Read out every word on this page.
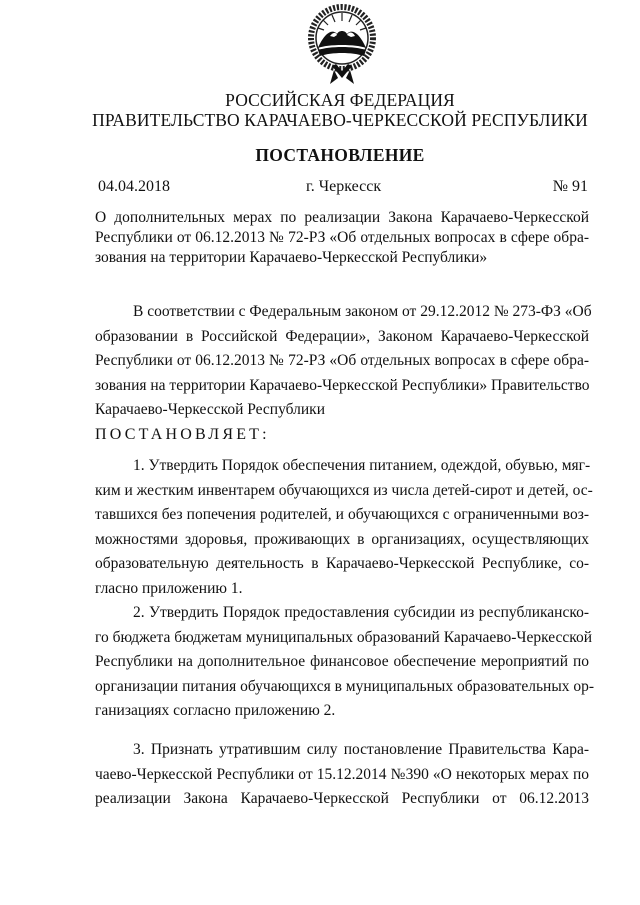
РОССИЙСКАЯ ФЕДЕРАЦИЯ
ПРАВИТЕЛЬСТВО КАРАЧАЕВО-ЧЕРКЕССКОЙ РЕСПУБЛИКИ
ПОСТАНОВЛЕНИЕ
04.04.2018	г. Черкесск	№ 91
О дополнительных мерах по реализации Закона Карачаево-Черкесской
Республики от 06.12.2013 № 72-РЗ «Об отдельных вопросах в сфере обра-
зования на территории Карачаево-Черкесской Республики»
В соответствии с Федеральным законом от 29.12.2012 № 273-ФЗ «Об
образовании в Российской Федерации», Законом Карачаево-Черкесской
Республики от 06.12.2013 № 72-РЗ «Об отдельных вопросах в сфере обра-
зования на территории Карачаево-Черкесской Республики» Правительство
Карачаево-Черкесской Республики
ПОСТАНОВЛЯЕТ:
1. Утвердить Порядок обеспечения питанием, одеждой, обувью, мяг-
ким и жестким инвентарем обучающихся из числа детей-сирот и детей, ос-
тавшихся без попечения родителей, и обучающихся с ограниченными воз-
можностями здоровья, проживающих в организациях, осуществляющих
образовательную деятельность в Карачаево-Черкесской Республике, со-
гласно приложению 1.
2. Утвердить Порядок предоставления субсидии из республиканско-
го бюджета бюджетам муниципальных образований Карачаево-Черкесской
Республики на дополнительное финансовое обеспечение мероприятий по
организации питания обучающихся в муниципальных образовательных ор-
ганизациях согласно приложению 2.
3. Признать утратившим силу постановление Правительства Кара-
чаево-Черкесской Республики от 15.12.2014 №390 «О некоторых мерах по
реализации Закона Карачаево-Черкесской Республики от 06.12.2013
